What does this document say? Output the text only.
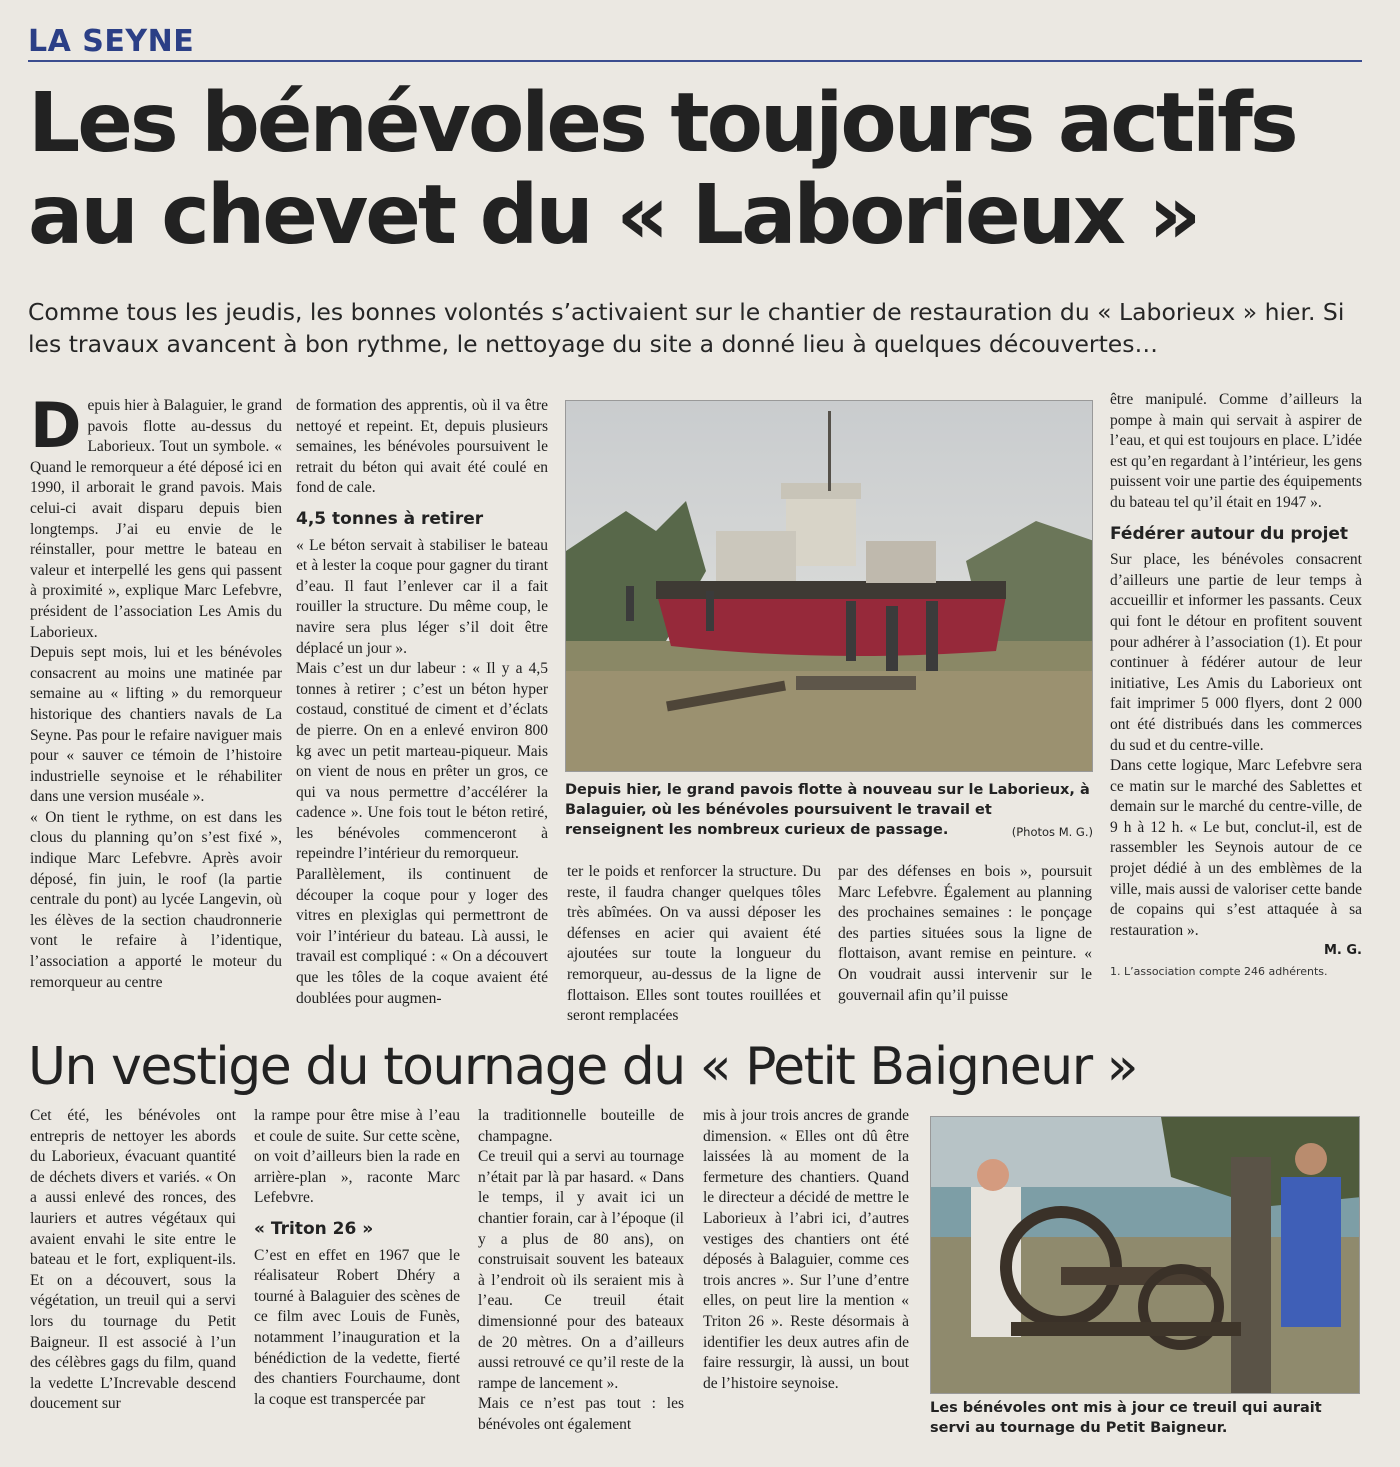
LA SEYNE
Les bénévoles toujours actifs au chevet du « Laborieux »
Comme tous les jeudis, les bonnes volontés s’activaient sur le chantier de restauration du « Laborieux » hier. Si les travaux avancent à bon rythme, le nettoyage du site a donné lieu à quelques découvertes…
D epuis hier à Balaguier, le grand pavois flotte au-dessus du Laborieux. Tout un symbole. « Quand le remorqueur a été déposé ici en 1990, il arborait le grand pavois. Mais celui-ci avait disparu depuis bien longtemps. J’ai eu envie de le réinstaller, pour mettre le bateau en valeur et interpellé les gens qui passent à proximité », explique Marc Lefebvre, président de l’association Les Amis du Laborieux.

Depuis sept mois, lui et les bénévoles consacrent au moins une matinée par semaine au « lifting » du remorqueur historique des chantiers navals de La Seyne. Pas pour le refaire naviguer mais pour « sauver ce témoin de l’histoire industrielle seynoise et le réhabiliter dans une version muséale ».

« On tient le rythme, on est dans les clous du planning qu’on s’est fixé », indique Marc Lefebvre. Après avoir déposé, fin juin, le roof (la partie centrale du pont) au lycée Langevin, où les élèves de la section chaudronnerie vont le refaire à l’identique, l’association a apporté le moteur du remorqueur au centre

de formation des apprentis, où il va être nettoyé et repeint. Et, depuis plusieurs semaines, les bénévoles poursuivent le retrait du béton qui avait été coulé en fond de cale.

4,5 tonnes à retirer

« Le béton servait à stabiliser le bateau et à lester la coque pour gagner du tirant d’eau. Il faut l’enlever car il a fait rouiller la structure. Du même coup, le navire sera plus léger s’il doit être déplacé un jour ».

Mais c’est un dur labeur : « Il y a 4,5 tonnes à retirer ; c’est un béton hyper costaud, constitué de ciment et d’éclats de pierre. On en a enlevé environ 800 kg avec un petit marteau-piqueur. Mais on vient de nous en prêter un gros, ce qui va nous permettre d’accélérer la cadence ». Une fois tout le béton retiré, les bénévoles commenceront à repeindre l’intérieur du remorqueur.

Parallèlement, ils continuent de découper la coque pour y loger des vitres en plexiglas qui permettront de voir l’intérieur du bateau. Là aussi, le travail est compliqué : « On a découvert que les tôles de la coque avaient été doublées pour augmen-

Depuis hier, le grand pavois flotte à nouveau sur le Laborieux, à Balaguier, où les bénévoles poursuivent le travail et renseignent les nombreux curieux de passage.	(Photos M. G.)

ter le poids et renforcer la structure. Du reste, il faudra changer quelques tôles très abîmées. On va aussi déposer les défenses en acier qui avaient été ajoutées sur toute la longueur du remorqueur, au-dessus de la ligne de flottaison. Elles sont toutes rouillées et seront remplacées

par des défenses en bois », poursuit Marc Lefebvre. Également au planning des prochaines semaines : le ponçage des parties situées sous la ligne de flottaison, avant remise en peinture. « On voudrait aussi intervenir sur le gouvernail afin qu’il puisse

être manipulé. Comme d’ailleurs la pompe à main qui servait à aspirer de l’eau, et qui est toujours en place. L’idée est qu’en regardant à l’intérieur, les gens puissent voir une partie des équipements du bateau tel qu’il était en 1947 ».

Fédérer autour du projet

Sur place, les bénévoles consacrent d’ailleurs une partie de leur temps à accueillir et informer les passants. Ceux qui font le détour en profitent souvent pour adhérer à l’association (1). Et pour continuer à fédérer autour de leur initiative, Les Amis du Laborieux ont fait imprimer 5 000 flyers, dont 2 000 ont été distribués dans les commerces du sud et du centre-ville.

Dans cette logique, Marc Lefebvre sera ce matin sur le marché des Sablettes et demain sur le marché du centre-ville, de 9 h à 12 h. « Le but, conclut-il, est de rassembler les Seynois autour de ce projet dédié à un des emblèmes de la ville, mais aussi de valoriser cette bande de copains qui s’est attaquée à sa restauration ».

M. G.
1. L’association compte 246 adhérents.
Un vestige du tournage du « Petit Baigneur »

Cet été, les bénévoles ont entrepris de nettoyer les abords du Laborieux, évacuant quantité de déchets divers et variés. « On a aussi enlevé des ronces, des lauriers et autres végétaux qui avaient envahi le site entre le bateau et le fort, expliquent-ils. Et on a découvert, sous la végétation, un treuil qui a servi lors du tournage du Petit Baigneur. Il est associé à l’un des célèbres gags du film, quand la vedette L’Increvable descend doucement sur

la rampe pour être mise à l’eau et coule de suite. Sur cette scène, on voit d’ailleurs bien la rade en arrière-plan », raconte Marc Lefebvre.

« Triton 26 »

C’est en effet en 1967 que le réalisateur Robert Dhéry a tourné à Balaguier des scènes de ce film avec Louis de Funès, notamment l’inauguration et la bénédiction de la vedette, fierté des chantiers Fourchaume, dont la coque est transpercée par

la traditionnelle bouteille de champagne.

Ce treuil qui a servi au tournage n’était par là par hasard. « Dans le temps, il y avait ici un chantier forain, car à l’époque (il y a plus de 80 ans), on construisait souvent les bateaux à l’endroit où ils seraient mis à l’eau. Ce treuil était dimensionné pour des bateaux de 20 mètres. On a d’ailleurs aussi retrouvé ce qu’il reste de la rampe de lancement ».

Mais ce n’est pas tout : les bénévoles ont également

mis à jour trois ancres de grande dimension. « Elles ont dû être laissées là au moment de la fermeture des chantiers. Quand le directeur a décidé de mettre le Laborieux à l’abri ici, d’autres vestiges des chantiers ont été déposés à Balaguier, comme ces trois ancres ». Sur l’une d’entre elles, on peut lire la mention « Triton 26 ». Reste désormais à identifier les deux autres afin de faire ressurgir, là aussi, un bout de l’histoire seynoise.

Les bénévoles ont mis à jour ce treuil qui aurait servi au tournage du Petit Baigneur.
